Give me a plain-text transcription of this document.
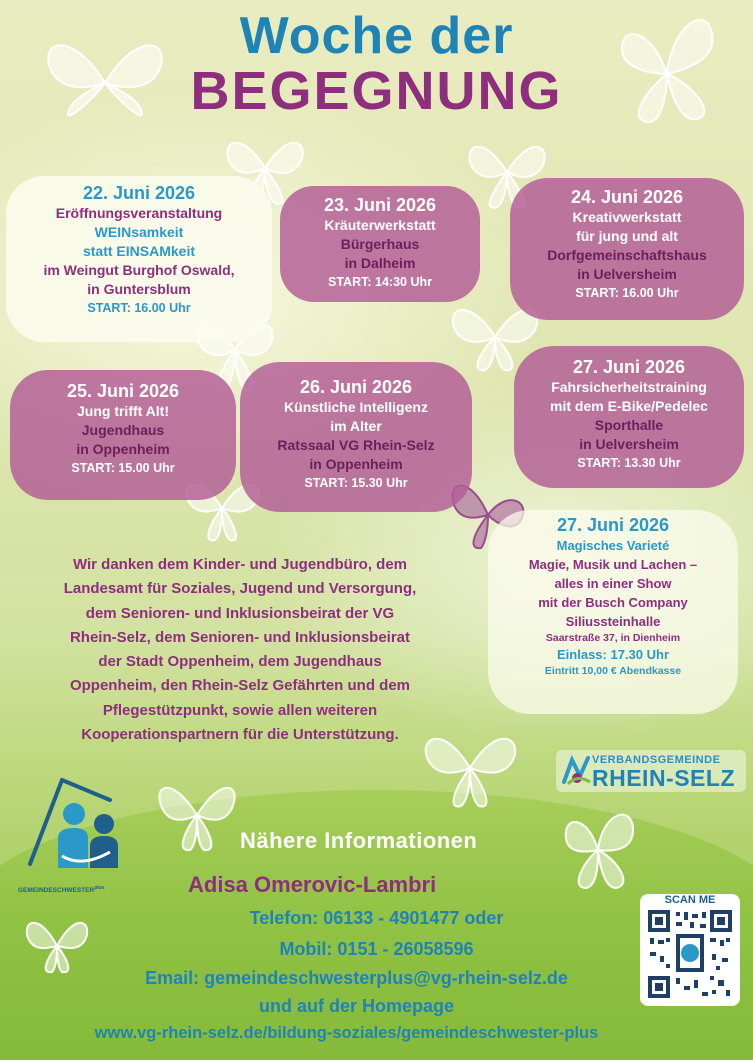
Woche der
BEGEGNUNG
22. Juni 2026
Eröffnungsveranstaltung
WEINsamkeit
statt EINSAMkeit
im Weingut Burghof Oswald,
in Guntersblum
START: 16.00 Uhr
23. Juni 2026
Kräuterwerkstatt
Bürgerhaus
in Dalheim
START: 14:30 Uhr
24. Juni 2026
Kreativwerkstatt
für jung und alt
Dorfgemeinschaftshaus
in Uelversheim
START: 16.00 Uhr
25. Juni 2026
Jung trifft Alt!
Jugendhaus
in Oppenheim
START: 15.00 Uhr
26. Juni 2026
Künstliche Intelligenz
im Alter
Ratssaal VG Rhein-Selz
in Oppenheim
START: 15.30 Uhr
27. Juni 2026
Fahrsicherheitstraining
mit dem E-Bike/Pedelec
Sporthalle
in Uelversheim
START: 13.30 Uhr
27. Juni 2026
Magisches Varieté
Magie, Musik und Lachen –
alles in einer Show
mit der Busch Company
Siliussteinhalle
Saarstraße 37, in Dienheim
Einlass: 17.30 Uhr
Eintritt 10,00 € Abendkasse
Wir danken dem Kinder- und Jugendbüro, dem
Landesamt für Soziales, Jugend und Versorgung,
dem Senioren- und Inklusionsbeirat der VG
Rhein-Selz, dem Senioren- und Inklusionsbeirat
der Stadt Oppenheim, dem Jugendhaus
Oppenheim, den Rhein-Selz Gefährten und dem
Pflegestützpunkt, sowie allen weiteren
Kooperationspartnern für die Unterstützung.
VERBANDSGEMEINDE
RHEIN-SELZ
$GEMEINDESCHWESTER^{plus}$
Nähere Informationen
Adisa Omerovic-Lambri
Telefon: 06133 - 4901477 oder
Mobil: 0151 - 26058596
Email: gemeindeschwesterplus@vg-rhein-selz.de
und auf der Homepage
www.vg-rhein-selz.de/bildung-soziales/gemeindeschwester-plus
SCAN ME
